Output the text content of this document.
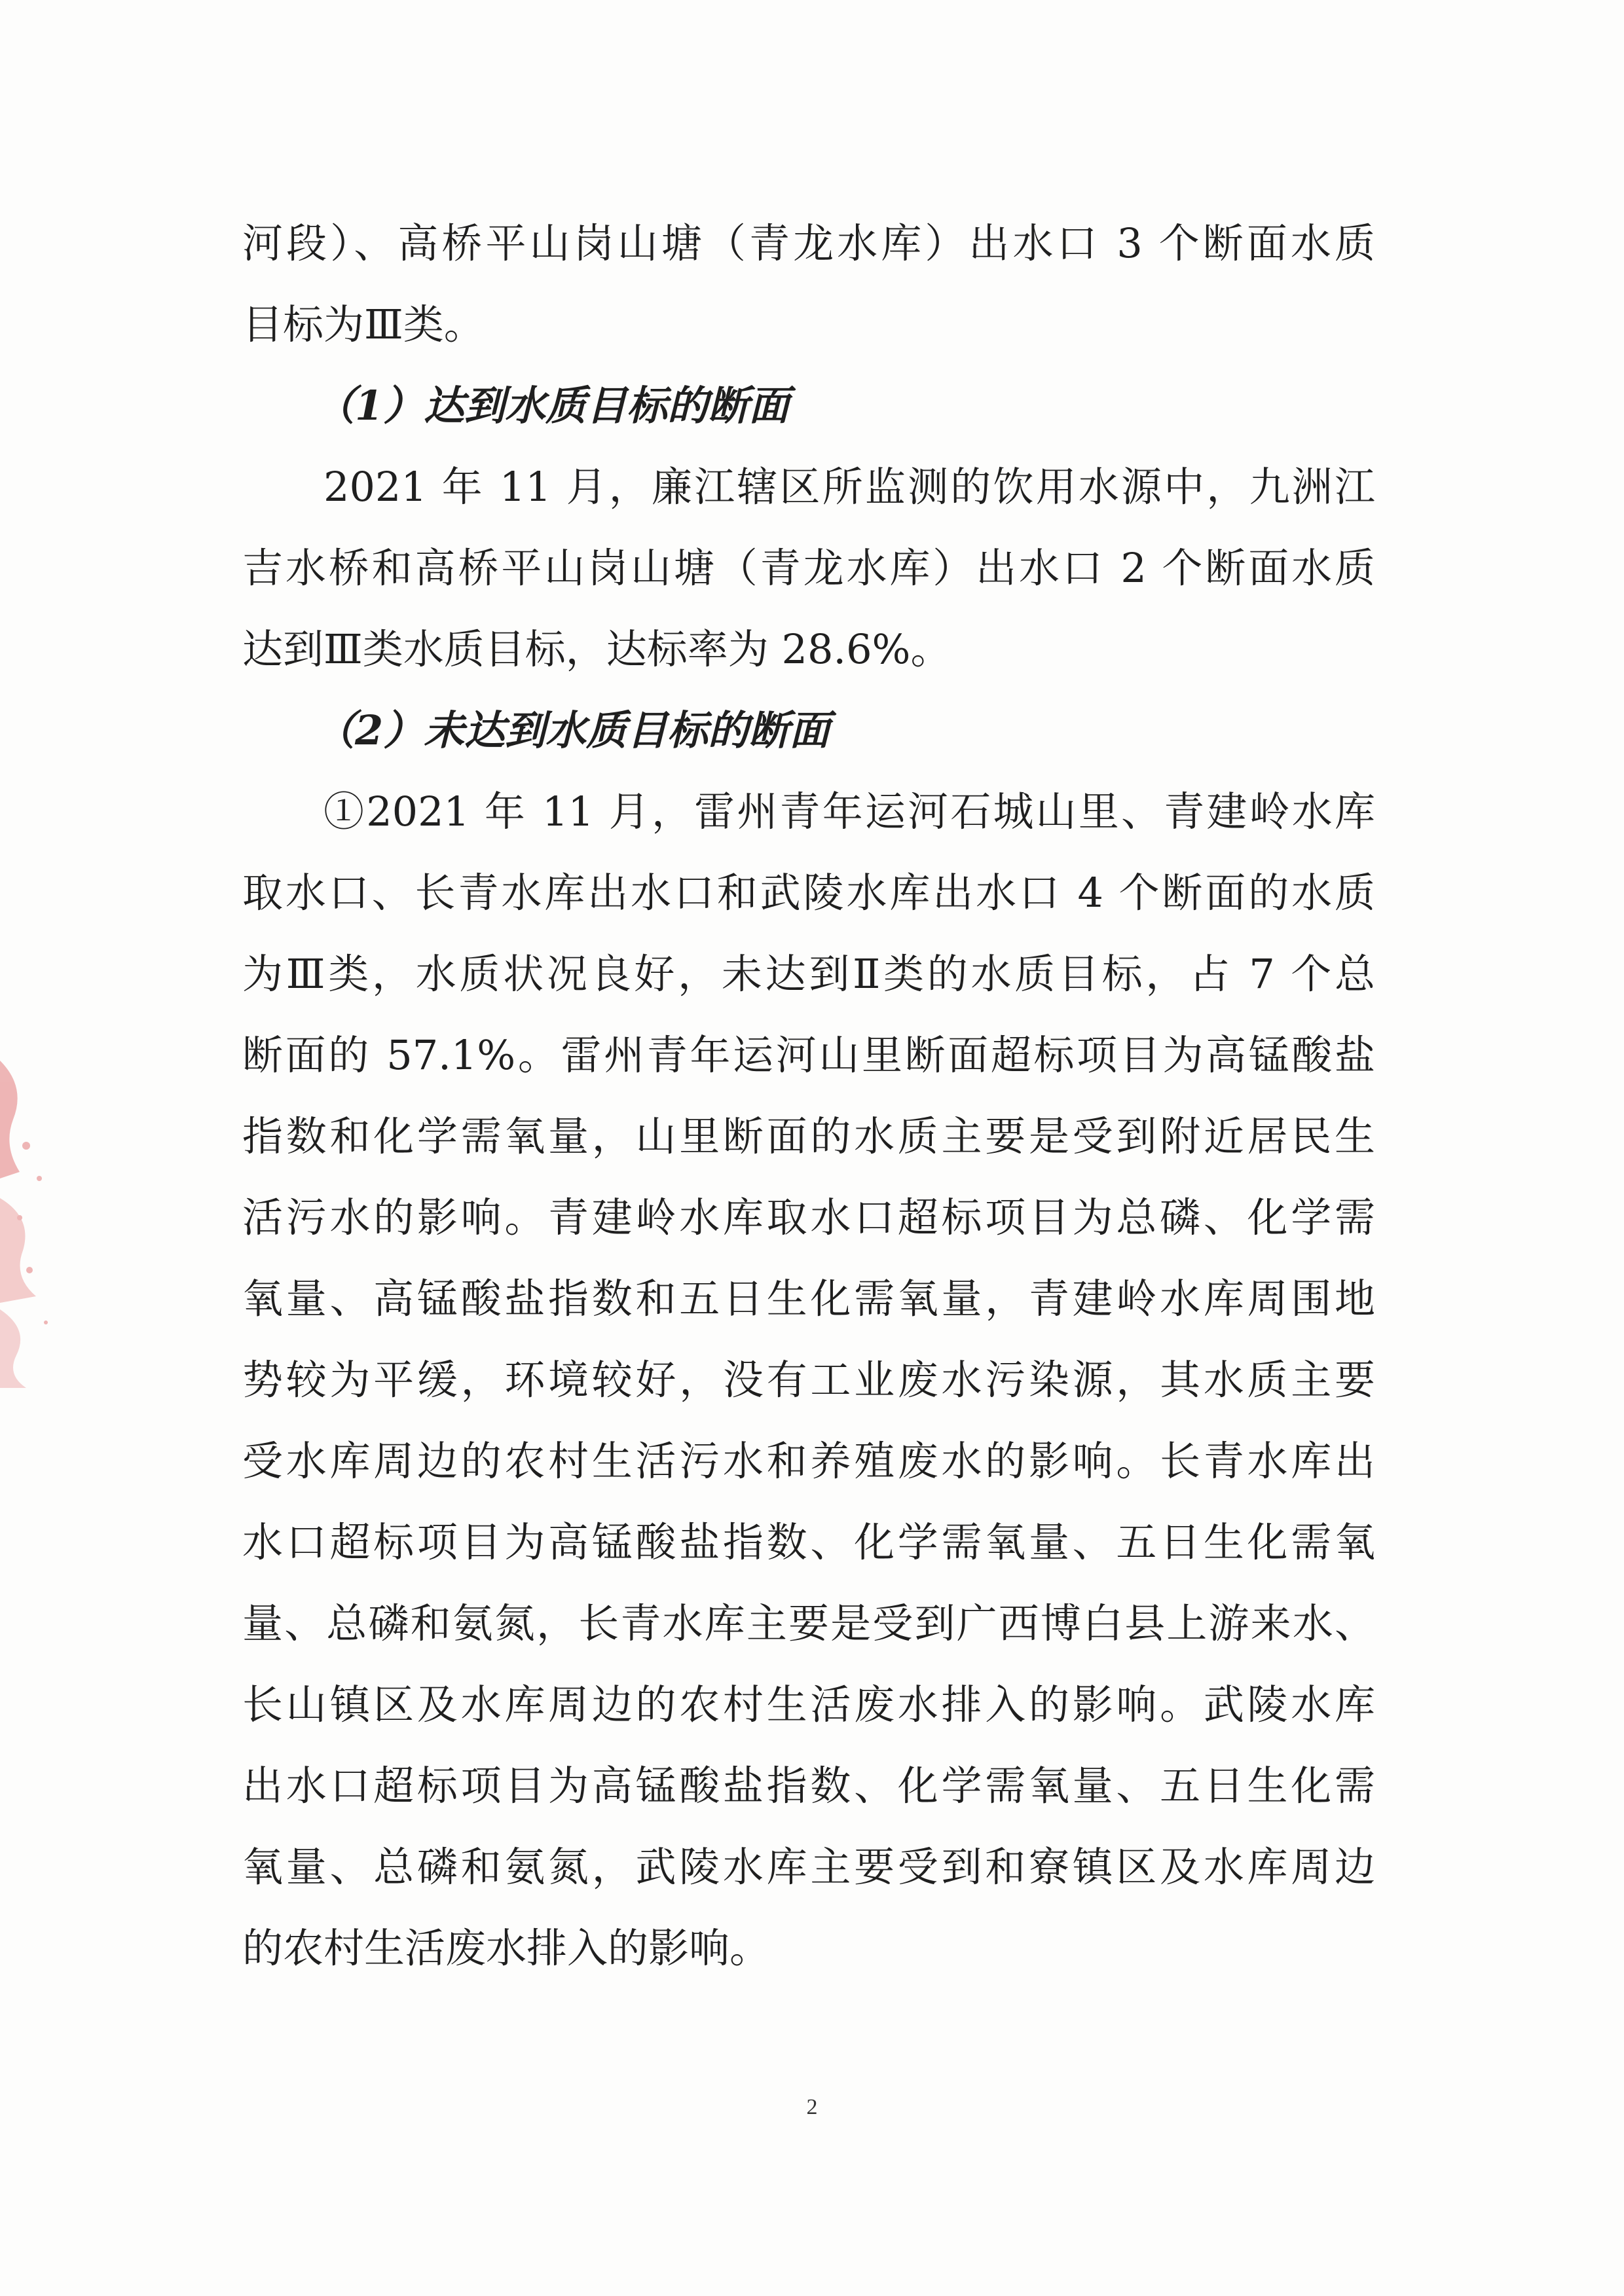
河段）、高桥平山岗山塘（青龙水库）出水口 3 个断面水质
目标为Ⅲ类。
（1）达到水质目标的断面
2021 年 11 月，廉江辖区所监测的饮用水源中，九洲江
吉水桥和高桥平山岗山塘（青龙水库）出水口 2 个断面水质
达到Ⅲ类水质目标，达标率为 28.6%。
（2）未达到水质目标的断面
①2021 年 11 月，雷州青年运河石城山里、青建岭水库
取水口、长青水库出水口和武陵水库出水口 4 个断面的水质
为Ⅲ类，水质状况良好，未达到Ⅱ类的水质目标，占 7 个总
断面的 57.1%。雷州青年运河山里断面超标项目为高锰酸盐
指数和化学需氧量，山里断面的水质主要是受到附近居民生
活污水的影响。青建岭水库取水口超标项目为总磷、化学需
氧量、高锰酸盐指数和五日生化需氧量，青建岭水库周围地
势较为平缓，环境较好，没有工业废水污染源，其水质主要
受水库周边的农村生活污水和养殖废水的影响。长青水库出
水口超标项目为高锰酸盐指数、化学需氧量、五日生化需氧
量、总磷和氨氮，长青水库主要是受到广西博白县上游来水、
长山镇区及水库周边的农村生活废水排入的影响。武陵水库
出水口超标项目为高锰酸盐指数、化学需氧量、五日生化需
氧量、总磷和氨氮，武陵水库主要受到和寮镇区及水库周边
的农村生活废水排入的影响。
2
